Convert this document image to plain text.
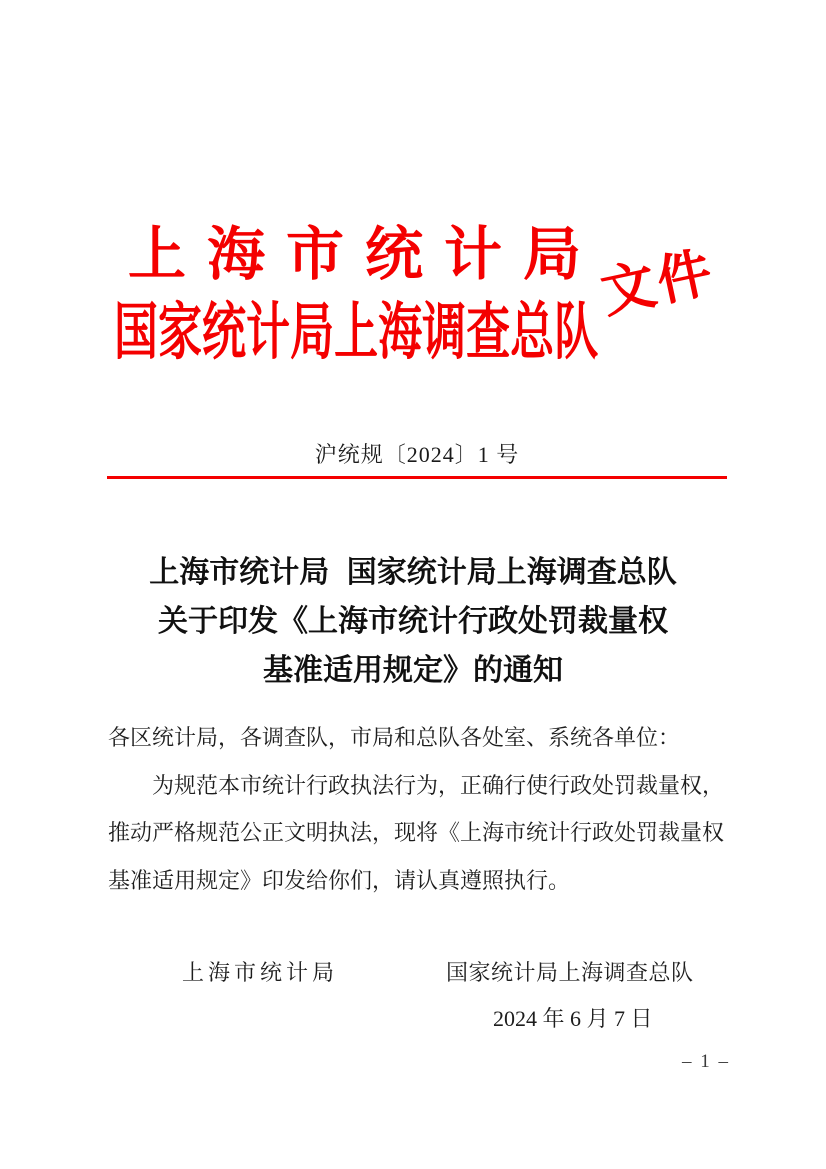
上海市统计局
国家统计局上海调查总队
文件
沪统规〔2024〕1 号
上海市统计局 国家统计局上海调查总队
关于印发《上海市统计行政处罚裁量权
基准适用规定》的通知
各区统计局，各调查队，市局和总队各处室、系统各单位：
为规范本市统计行政执法行为，正确行使行政处罚裁量权，
推动严格规范公正文明执法，现将《上海市统计行政处罚裁量权
基准适用规定》印发给你们，请认真遵照执行。
上海市统计局	国家统计局上海调查总队
2024 年 6 月 7 日
– 1 –
